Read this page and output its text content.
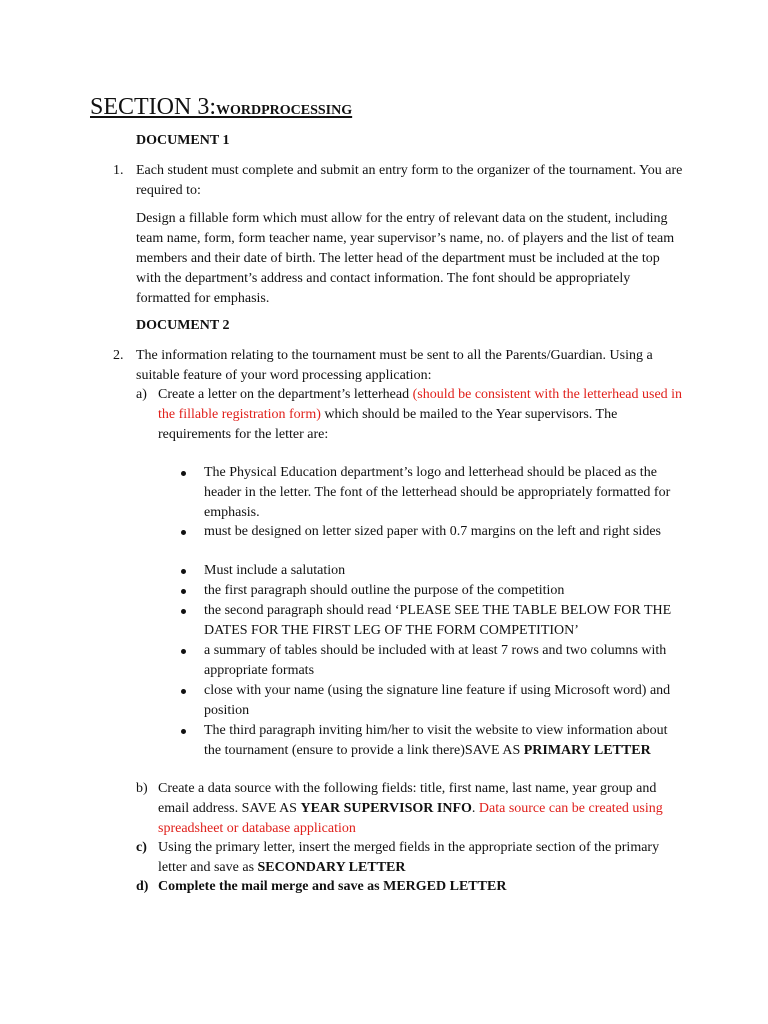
SECTION 3:WORDPROCESSING

DOCUMENT 1

1. Each student must complete and submit an entry form to the organizer of the tournament. You are required to:

Design a fillable form which must allow for the entry of relevant data on the student, including team name, form, form teacher name, year supervisor’s name, no. of players and the list of team members and their date of birth. The letter head of the department must be included at the top with the department’s address and contact information. The font should be appropriately formatted for emphasis.

DOCUMENT 2

2. The information relating to the tournament must be sent to all the Parents/Guardian. Using a suitable feature of your word processing application:

a) Create a letter on the department’s letterhead (should be consistent with the letterhead used in the fillable registration form) which should be mailed to the Year supervisors. The requirements for the letter are:

The Physical Education department’s logo and letterhead should be placed as the header in the letter. The font of the letterhead should be appropriately formatted for emphasis.

must be designed on letter sized paper with 0.7 margins on the left and right sides

Must include a salutation

the first paragraph should outline the purpose of the competition

the second paragraph should read ‘PLEASE SEE THE TABLE BELOW FOR THE DATES FOR THE FIRST LEG OF THE FORM COMPETITION’

a summary of tables should be included with at least 7 rows and two columns with appropriate formats

close with your name (using the signature line feature if using Microsoft word) and position

The third paragraph inviting him/her to visit the website to view information about the tournament (ensure to provide a link there)SAVE AS PRIMARY LETTER

b) Create a data source with the following fields: title, first name, last name, year group and email address. SAVE AS YEAR SUPERVISOR INFO. Data source can be created using spreadsheet or database application

c) Using the primary letter, insert the merged fields in the appropriate section of the primary letter and save as SECONDARY LETTER

d) Complete the mail merge and save as MERGED LETTER
